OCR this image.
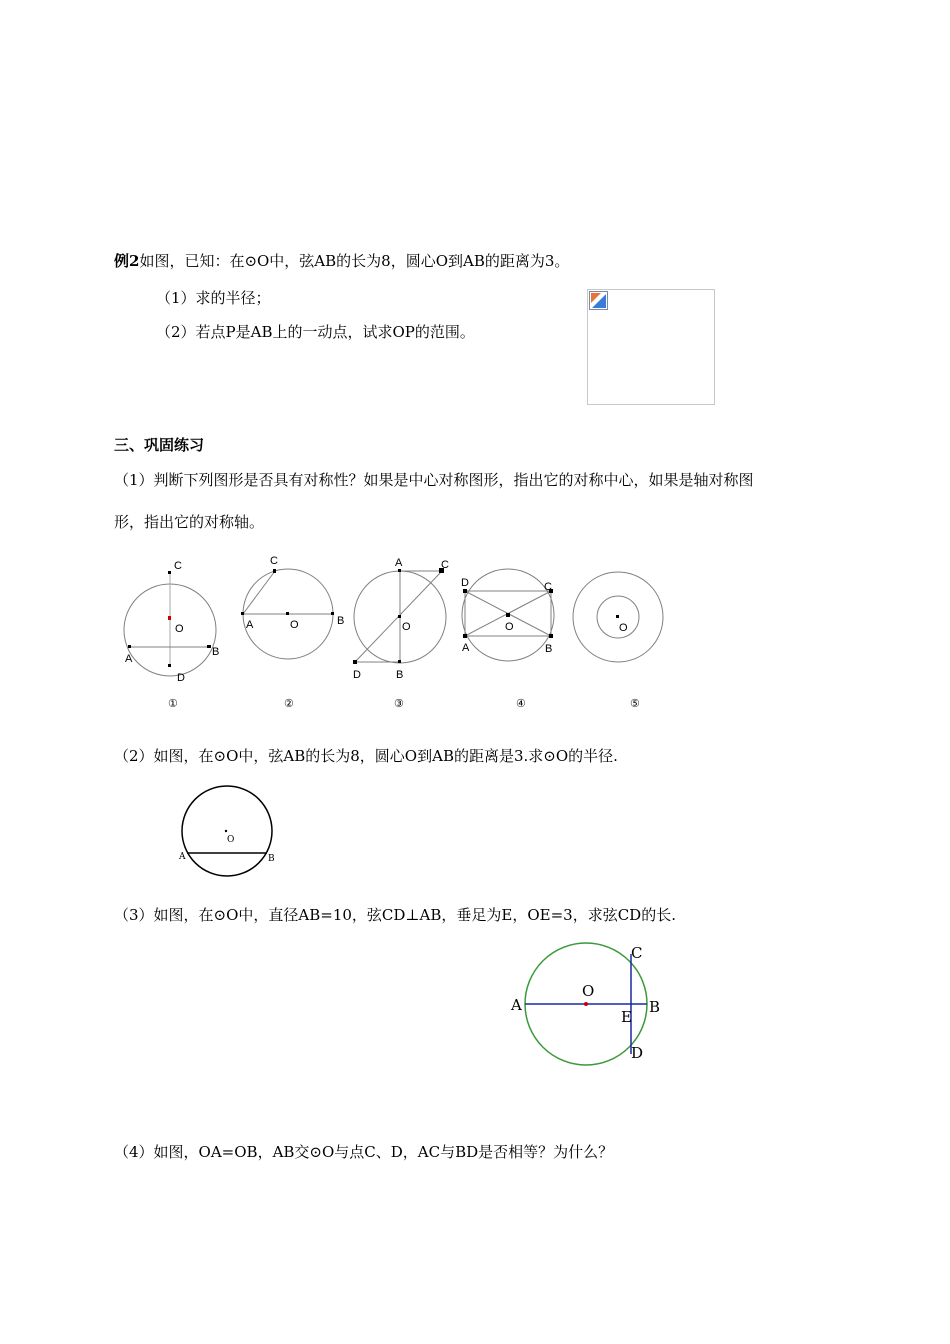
例2如图，已知：在⊙O中，弦AB的长为8，圆心O到AB的距离为3。
（1）求的半径；
（2）若点P是AB上的一动点，试求OP的范围。
三、巩固练习
（1）判断下列图形是否具有对称性？如果是中心对称图形，指出它的对称中心，如果是轴对称图
形，指出它的对称轴。
C
O
A
B
D
①
C
A	O	B
②
A	C
O
D	B
③
D	C
O
A	B
④
O
⑤
（2）如图，在⊙O中，弦AB的长为8，圆心O到AB的距离是3.求⊙O的半径.
O
A	B
（3）如图，在⊙O中，直径AB=10，弦CD⊥AB，垂足为E，OE=3，求弦CD的长.
C
O
A	B
E
D
（4）如图，OA=OB，AB交⊙O与点C、D，AC与BD是否相等？为什么？
